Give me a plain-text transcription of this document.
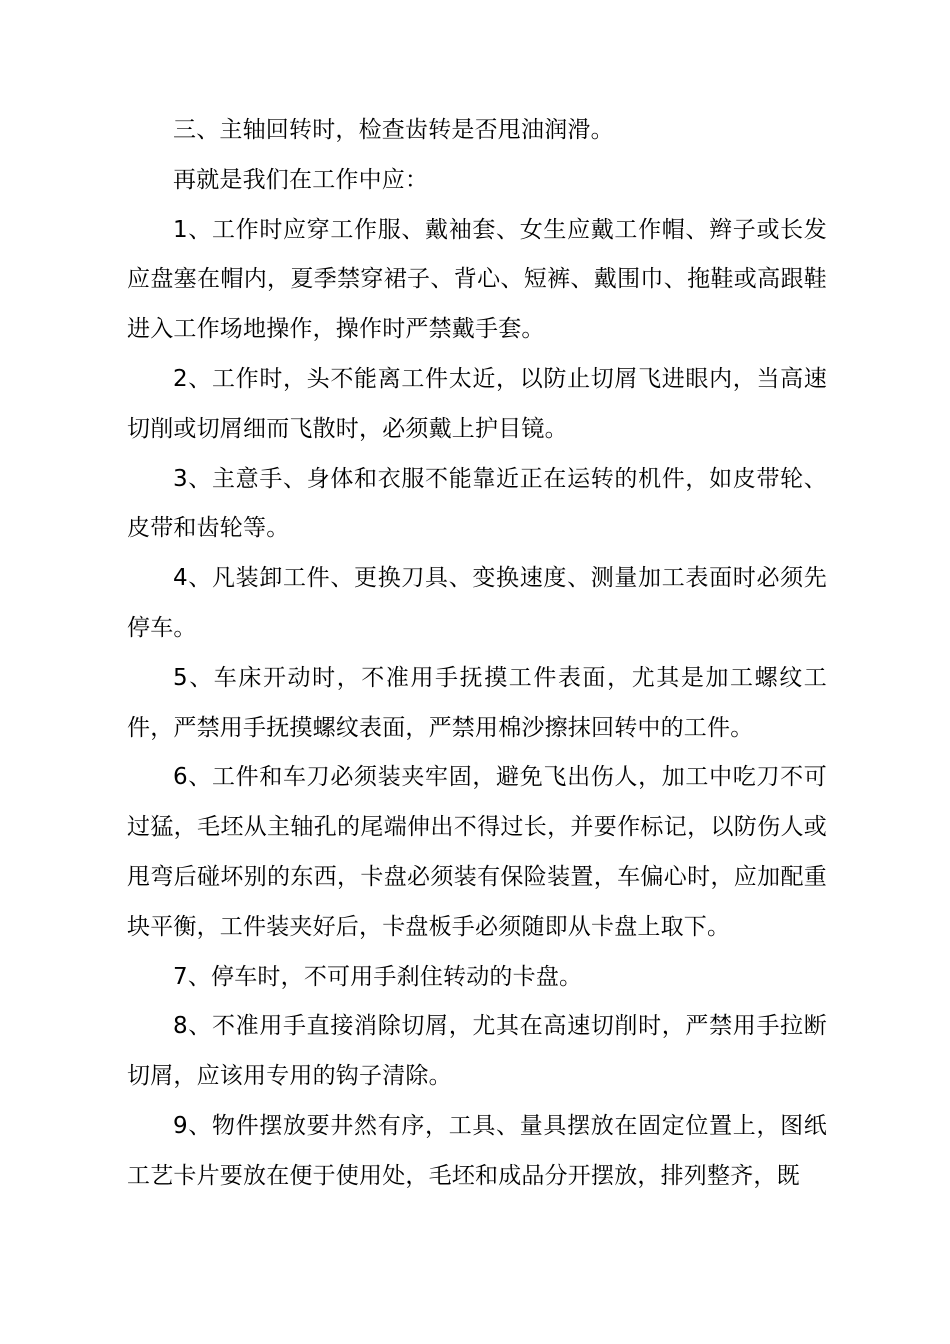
三、主轴回转时，检查齿转是否甩油润滑。

再就是我们在工作中应：

1、工作时应穿工作服、戴袖套、女生应戴工作帽、辫子或长发应盘塞在帽内，夏季禁穿裙子、背心、短裤、戴围巾、拖鞋或高跟鞋进入工作场地操作，操作时严禁戴手套。

2、工作时，头不能离工件太近，以防止切屑飞进眼内，当高速切削或切屑细而飞散时，必须戴上护目镜。

3、主意手、身体和衣服不能靠近正在运转的机件，如皮带轮、皮带和齿轮等。

4、凡装卸工件、更换刀具、变换速度、测量加工表面时必须先停车。

5、车床开动时，不准用手抚摸工件表面，尤其是加工螺纹工件，严禁用手抚摸螺纹表面，严禁用棉沙擦抹回转中的工件。

6、工件和车刀必须装夹牢固，避免飞出伤人，加工中吃刀不可过猛，毛坯从主轴孔的尾端伸出不得过长，并要作标记，以防伤人或甩弯后碰坏别的东西，卡盘必须装有保险装置，车偏心时，应加配重块平衡，工件装夹好后，卡盘板手必须随即从卡盘上取下。

7、停车时，不可用手刹住转动的卡盘。

8、不准用手直接消除切屑，尤其在高速切削时，严禁用手拉断切屑，应该用专用的钩子清除。

9、物件摆放要井然有序，工具、量具摆放在固定位置上，图纸工艺卡片要放在便于使用处，毛坯和成品分开摆放，排列整齐，既
